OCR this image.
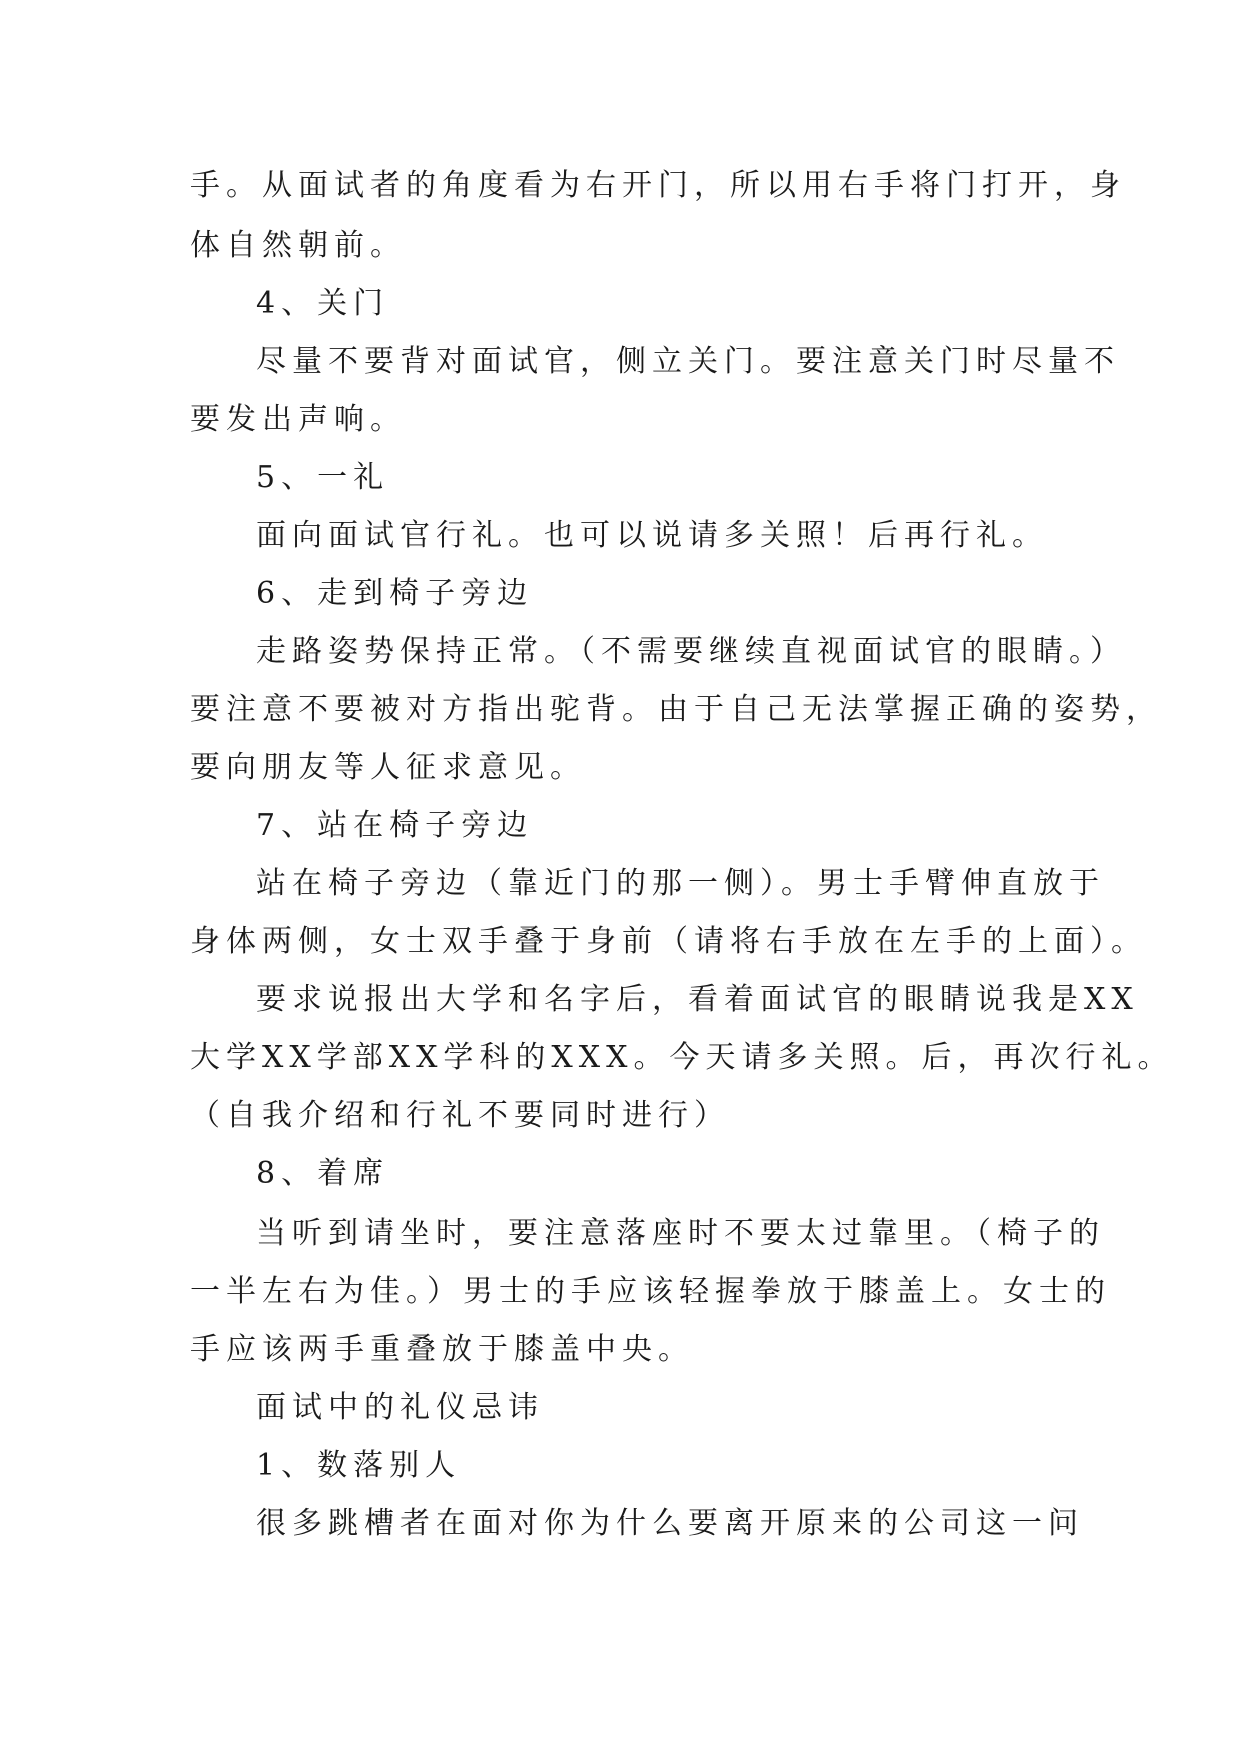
手。从面试者的角度看为右开门，所以用右手将门打开，身
体自然朝前。
4、关门
尽量不要背对面试官，侧立关门。要注意关门时尽量不
要发出声响。
5、一礼
面向面试官行礼。也可以说请多关照！后再行礼。
6、走到椅子旁边
走路姿势保持正常。（不需要继续直视面试官的眼睛。）
要注意不要被对方指出驼背。由于自己无法掌握正确的姿势，
要向朋友等人征求意见。
7、站在椅子旁边
站在椅子旁边（靠近门的那一侧）。男士手臂伸直放于
身体两侧，女士双手叠于身前（请将右手放在左手的上面）。
要求说报出大学和名字后，看着面试官的眼睛说我是XX
大学XX学部XX学科的XXX。今天请多关照。后，再次行礼。
（自我介绍和行礼不要同时进行）
8、着席
当听到请坐时，要注意落座时不要太过靠里。（椅子的
一半左右为佳。）男士的手应该轻握拳放于膝盖上。女士的
手应该两手重叠放于膝盖中央。
面试中的礼仪忌讳
1、数落别人
很多跳槽者在面对你为什么要离开原来的公司这一问
